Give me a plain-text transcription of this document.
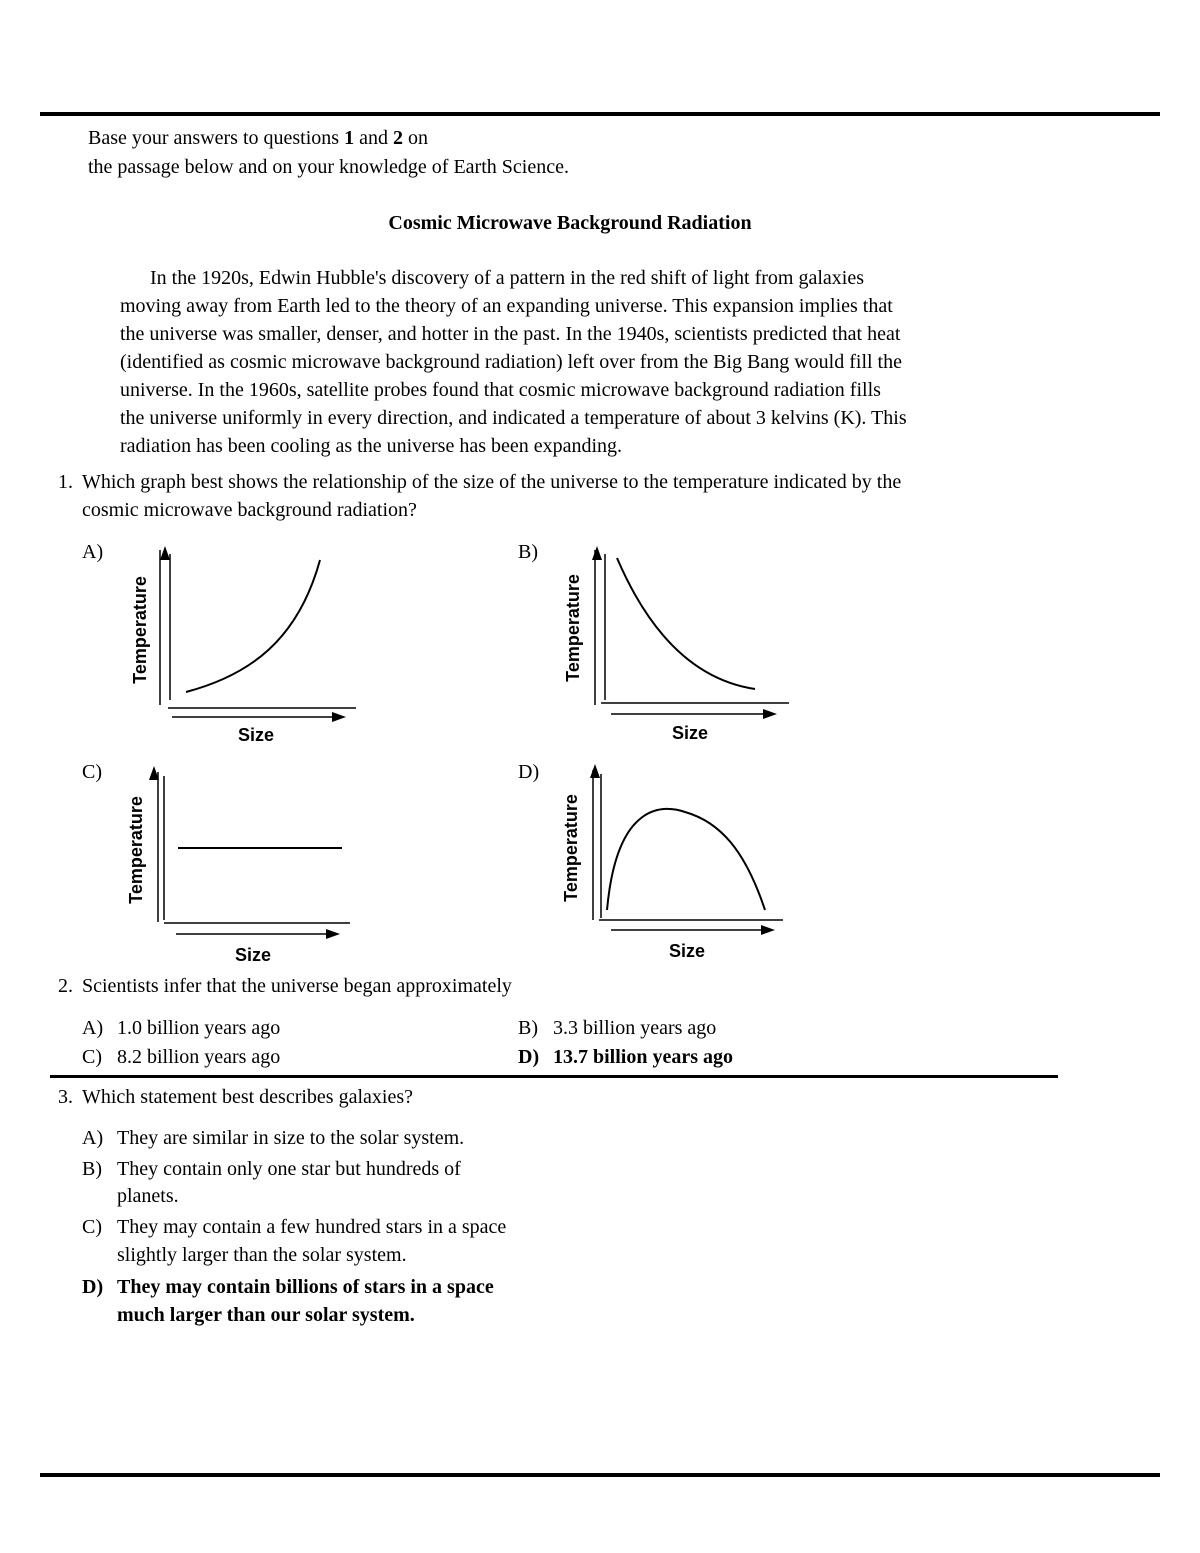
Base your answers to questions 1 and 2 on
the passage below and on your knowledge of Earth Science.
Cosmic Microwave Background Radiation
In the 1920s, Edwin Hubble's discovery of a pattern in the red shift of light from galaxies
moving away from Earth led to the theory of an expanding universe. This expansion implies that
the universe was smaller, denser, and hotter in the past. In the 1940s, scientists predicted that heat
(identified as cosmic microwave background radiation) left over from the Big Bang would fill the
universe. In the 1960s, satellite probes found that cosmic microwave background radiation fills
the universe uniformly in every direction, and indicated a temperature of about 3 kelvins (K). This
radiation has been cooling as the universe has been expanding.
1. Which graph best shows the relationship of the size of the universe to the temperature indicated by the
cosmic microwave background radiation?
A)	B)
C)	D)
Size
Temperature
Size
Temperature
Size
Temperature
Size
Temperature
2. Scientists infer that the universe began approximately
A) 1.0 billion years ago	B) 3.3 billion years ago
C) 8.2 billion years ago	D) 13.7 billion years ago
3. Which statement best describes galaxies?
A) They are similar in size to the solar system.
B) They contain only one star but hundreds of
planets.
C) They may contain a few hundred stars in a space
slightly larger than the solar system.
D) They may contain billions of stars in a space
much larger than our solar system.
